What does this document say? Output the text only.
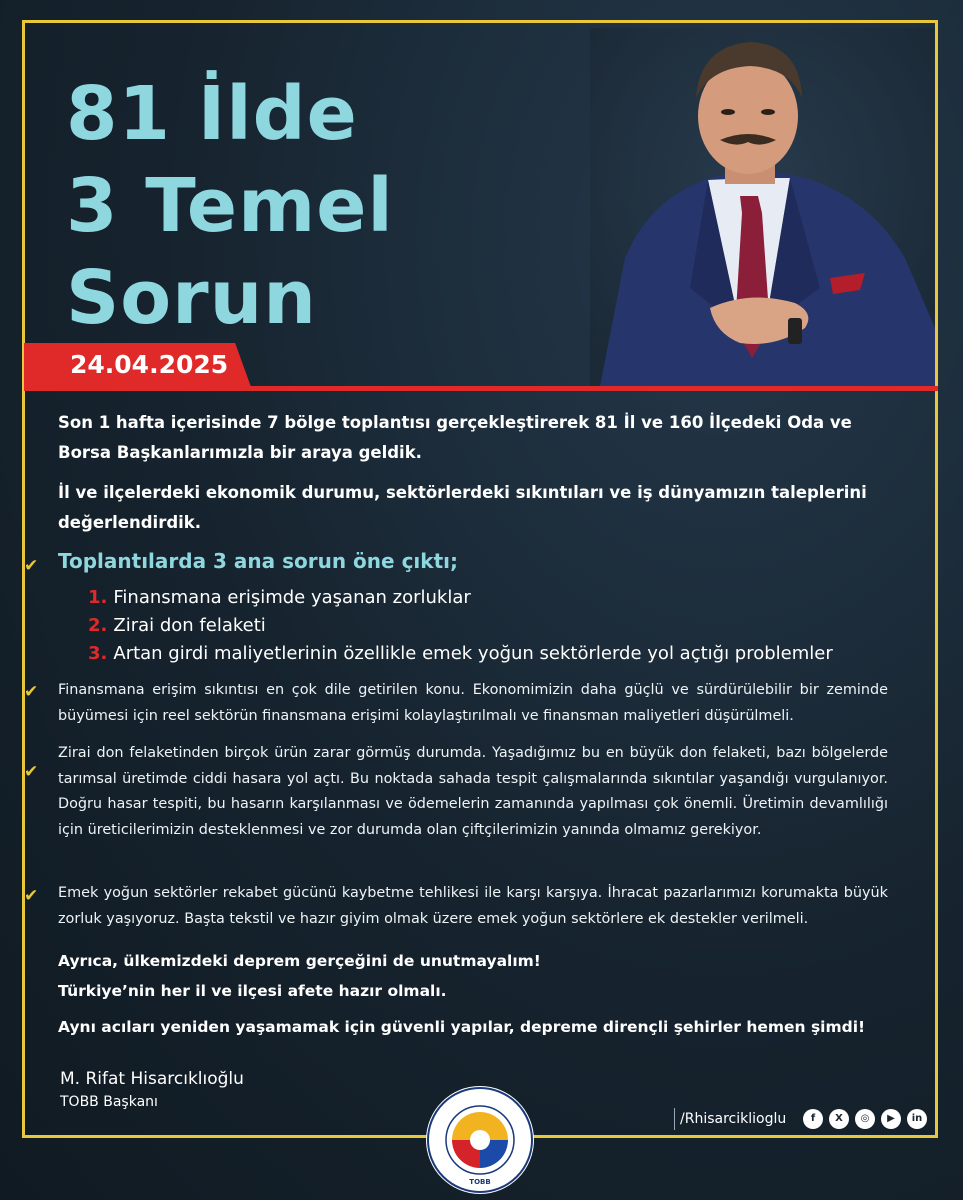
81 İlde
3 Temel
Sorun
24.04.2025
Son 1 hafta içerisinde 7 bölge toplantısı gerçekleştirerek 81 İl ve 160 İlçedeki Oda ve Borsa Başkanlarımızla bir araya geldik.
İl ve ilçelerdeki ekonomik durumu, sektörlerdeki sıkıntıları ve iş dünyamızın taleplerini değerlendirdik.
✔ Toplantılarda 3 ana sorun öne çıktı;
1. Finansmana erişimde yaşanan zorluklar
2. Zirai don felaketi
3. Artan girdi maliyetlerinin özellikle emek yoğun sektörlerde yol açtığı problemler
✔ Finansmana erişim sıkıntısı en çok dile getirilen konu. Ekonomimizin daha güçlü ve sürdürülebilir bir zeminde büyümesi için reel sektörün finansmana erişimi kolaylaştırılmalı ve finansman maliyetleri düşürülmeli.
✔
Zirai don felaketinden birçok ürün zarar görmüş durumda. Yaşadığımız bu en büyük don felaketi, bazı bölgelerde tarımsal üretimde ciddi hasara yol açtı. Bu noktada sahada tespit çalışmalarında sıkıntılar yaşandığı vurgulanıyor. Doğru hasar tespiti, bu hasarın karşılanması ve ödemelerin zamanında yapılması çok önemli. Üretimin devamlılığı için üreticilerimizin desteklenmesi ve zor durumda olan çiftçilerimizin yanında olmamız gerekiyor.
✔ Emek yoğun sektörler rekabet gücünü kaybetme tehlikesi ile karşı karşıya. İhracat pazarlarımızı korumakta büyük zorluk yaşıyoruz. Başta tekstil ve hazır giyim olmak üzere emek yoğun sektörlere ek destekler verilmeli.
Ayrıca, ülkemizdeki deprem gerçeğini de unutmayalım!
Türkiye’nin her il ve ilçesi afete hazır olmalı.
Aynı acıları yeniden yaşamamak için güvenli yapılar, depreme dirençli şehirler hemen şimdi!
M. Rifat Hisarcıklıoğlu
TOBB Başkanı
TOBB
/Rhisarciklioglu	f	X	◎	▶	in
